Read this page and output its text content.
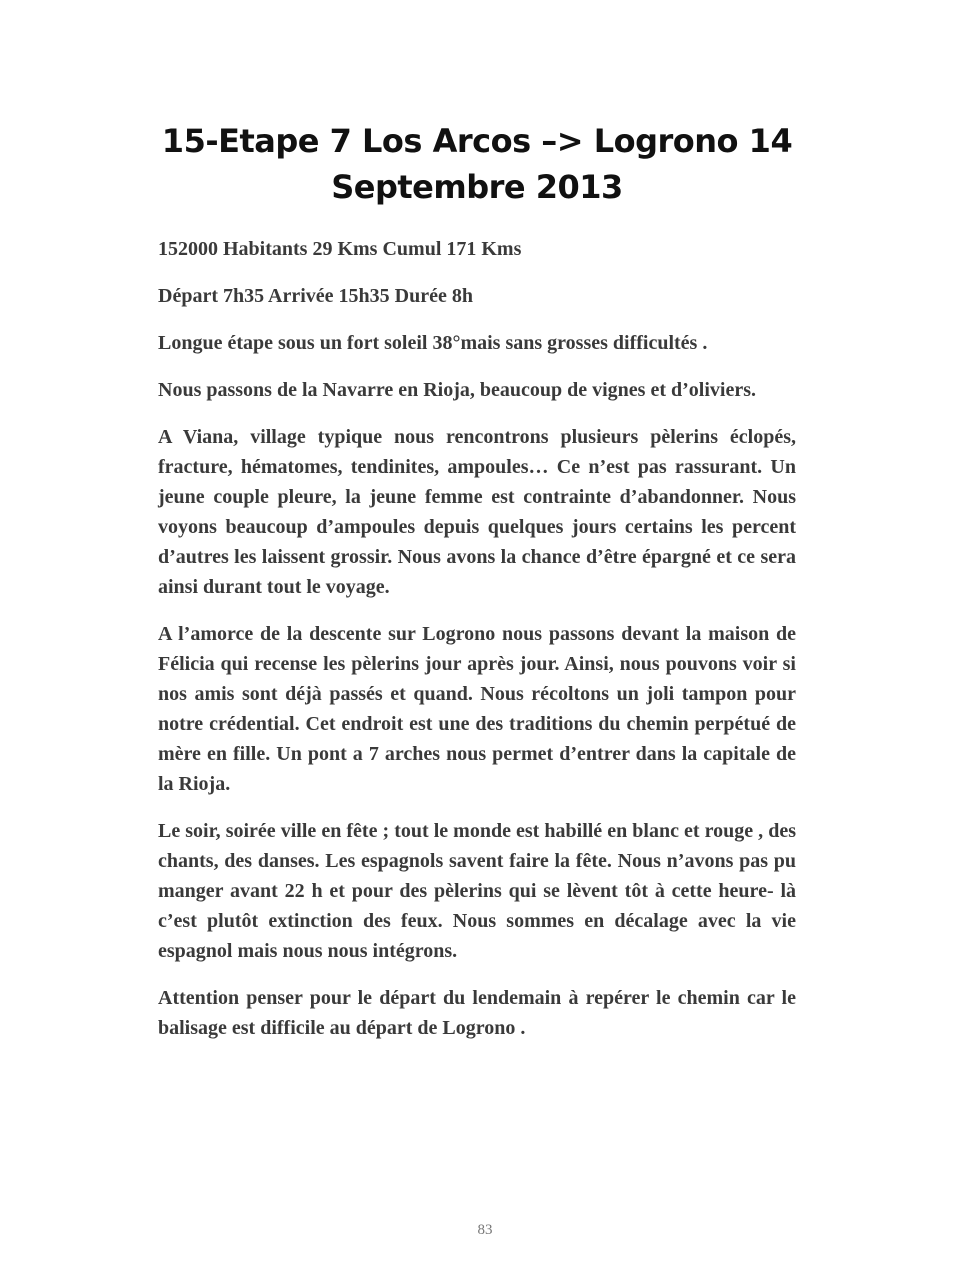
15-Etape 7 Los Arcos –> Logrono 14 Septembre 2013

152000 Habitants 29 Kms Cumul 171 Kms

Départ 7h35 Arrivée 15h35 Durée 8h

Longue étape sous un fort soleil 38°mais sans grosses difficultés .

Nous passons de la Navarre en Rioja, beaucoup de vignes et d’oliviers.

A Viana, village typique nous rencontrons plusieurs pèlerins éclopés, fracture, hématomes, tendinites, ampoules… Ce n’est pas rassurant. Un jeune couple pleure, la jeune femme est contrainte d’abandonner. Nous voyons beaucoup d’ampoules depuis quelques jours certains les percent d’autres les laissent grossir. Nous avons la chance d’être épargné et ce sera ainsi durant tout le voyage.

A l’amorce de la descente sur Logrono nous passons devant la maison de Félicia qui recense les pèlerins jour après jour. Ainsi, nous pouvons voir si nos amis sont déjà passés et quand. Nous récoltons un joli tampon pour notre crédential. Cet endroit est une des traditions du chemin perpétué de mère en fille. Un pont a 7 arches nous permet d’entrer dans la capitale de la Rioja.

Le soir, soirée ville en fête ; tout le monde est habillé en blanc et rouge , des chants, des danses. Les espagnols savent faire la fête. Nous n’avons pas pu manger avant 22 h et pour des pèlerins qui se lèvent tôt à cette heure- là c’est plutôt extinction des feux. Nous sommes en décalage avec la vie espagnol mais nous nous intégrons.

Attention penser pour le départ du lendemain à repérer le chemin car le balisage est difficile au départ de Logrono .

83
